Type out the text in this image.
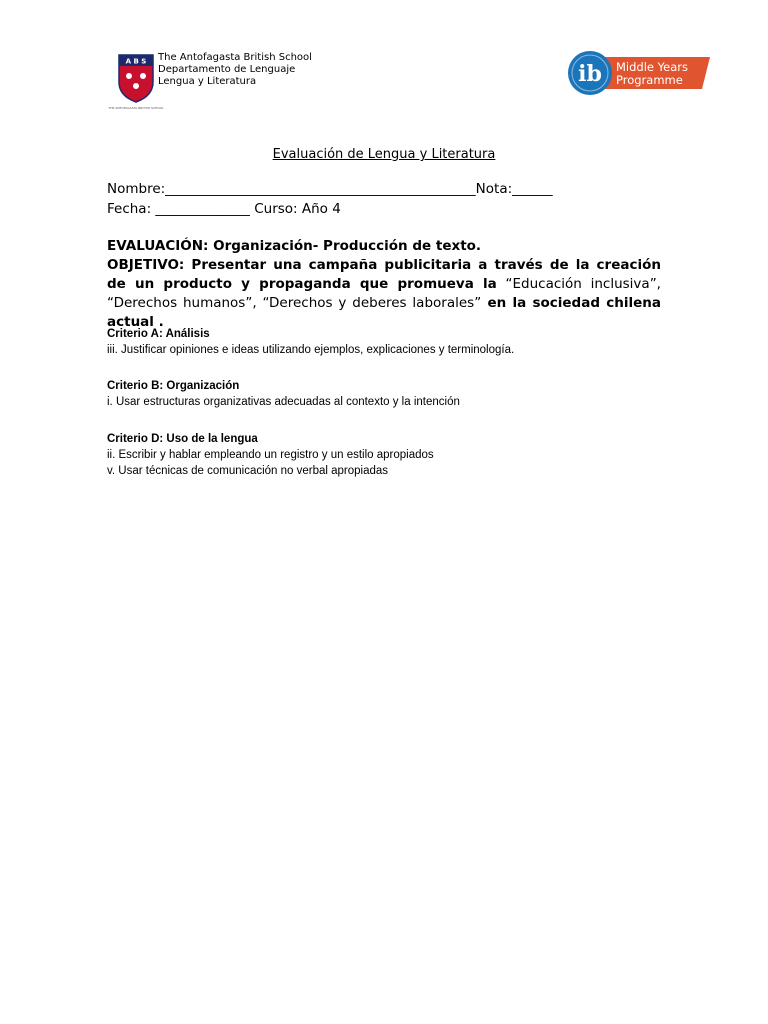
A B S
THE ANTOFAGASTA BRITISH SCHOOL
The Antofagasta British School
Departamento de Lenguaje
Lengua y Literatura	ib Middle Years
Programme
Evaluación de Lengua y Literatura
Nombre:______________________________________________Nota:______
Fecha: ______________ Curso: Año 4
EVALUACIÓN: Organización- Producción de texto.
OBJETIVO: Presentar una campaña publicitaria a través de la creación de un producto y propaganda que promueva la “Educación inclusiva”, “Derechos humanos”, “Derechos y deberes laborales” en la sociedad chilena actual .
Criterio A: Análisis
iii. Justificar opiniones e ideas utilizando ejemplos, explicaciones y terminología.
Criterio B: Organización
i. Usar estructuras organizativas adecuadas al contexto y la intención
Criterio D: Uso de la lengua
ii. Escribir y hablar empleando un registro y un estilo apropiados
v. Usar técnicas de comunicación no verbal apropiadas
